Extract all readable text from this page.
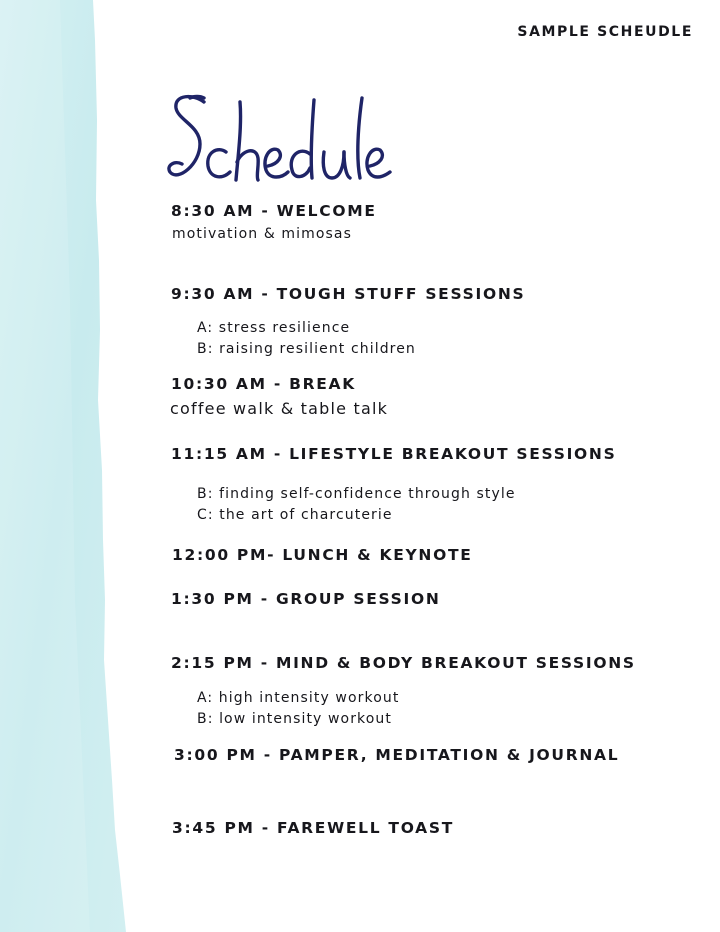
SAMPLE SCHEUDLE
8:30 AM - WELCOME
motivation & mimosas
9:30 AM - TOUGH STUFF SESSIONS
A: stress resilience
B: raising resilient children
10:30 AM - BREAK
coffee walk & table talk
11:15 AM - LIFESTYLE BREAKOUT SESSIONS
B: finding self-confidence through style
C: the art of charcuterie
12:00 PM- LUNCH & KEYNOTE
1:30 PM - GROUP SESSION
2:15 PM - MIND & BODY BREAKOUT SESSIONS
A: high intensity workout
B: low intensity workout
3:00 PM - PAMPER, MEDITATION & JOURNAL
3:45 PM - FAREWELL TOAST
